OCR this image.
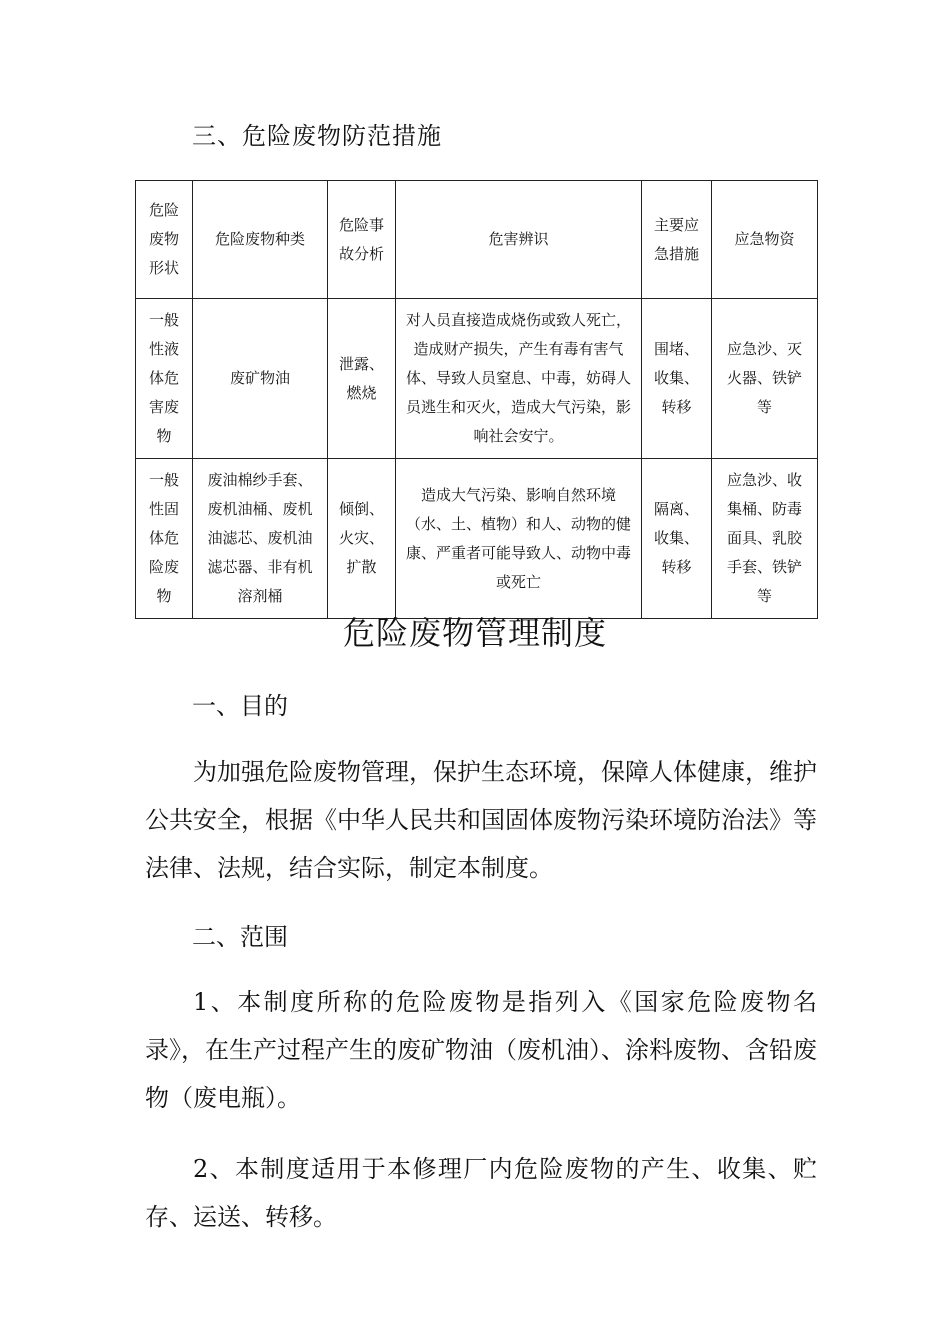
三、危险废物防范措施
危险废物形状	危险废物种类	危险事故分析	危害辨识	主要应急措施	应急物资

一般性液体危害废物	废矿物油	泄露、燃烧	对人员直接造成烧伤或致人死亡，造成财产损失，产生有毒有害气体、导致人员窒息、中毒，妨碍人员逃生和灭火，造成大气污染，影响社会安宁。	围堵、收集、转移	应急沙、灭火器、铁铲等

一般性固体危险废物	废油棉纱手套、废机油桶、废机油滤芯、废机油滤芯器、非有机溶剂桶	倾倒、火灾、扩散	造成大气污染、影响自然环境（水、土、植物）和人、动物的健康、严重者可能导致人、动物中毒或死亡	隔离、收集、转移	应急沙、收集桶、防毒面具、乳胶手套、铁铲等
危险废物管理制度
一、目的
为加强危险废物管理，保护生态环境，保障人体健康，维护公共安全，根据《中华人民共和国固体废物污染环境防治法》等法律、法规，结合实际，制定本制度。
二、范围
1、本制度所称的危险废物是指列入《国家危险废物名录》，在生产过程产生的废矿物油（废机油）、涂料废物、含铅废物（废电瓶）。
2、本制度适用于本修理厂内危险废物的产生、收集、贮存、运送、转移。
